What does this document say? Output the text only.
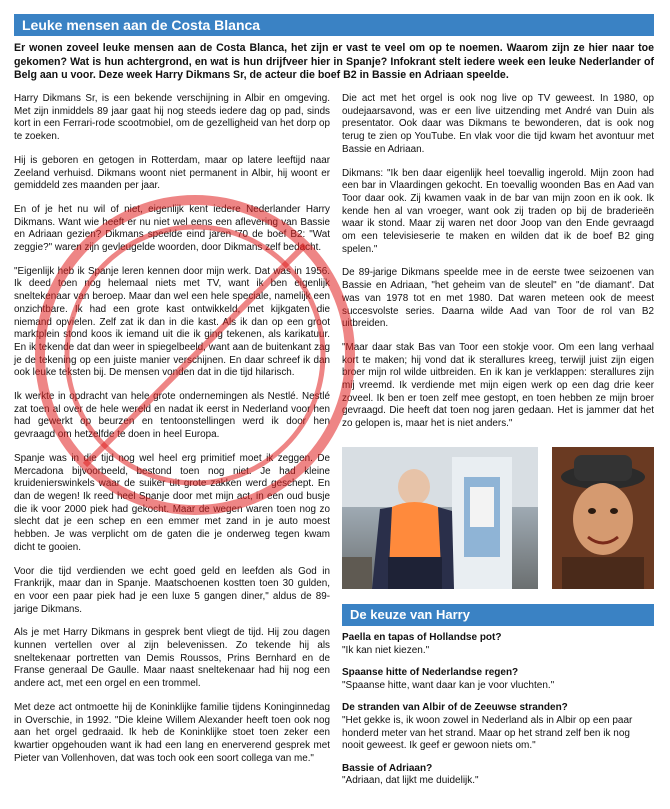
Leuke mensen aan de Costa Blanca
Er wonen zoveel leuke mensen aan de Costa Blanca, het zijn er vast te veel om op te noemen. Waarom zijn ze hier naar toe gekomen? Wat is hun achtergrond, en wat is hun drijfveer hier in Spanje? Infokrant stelt iedere week een leuke Nederlander of Belg aan u voor. Deze week Harry Dikmans Sr, de acteur die boef B2 in Bassie en Adriaan speelde.

Harry Dikmans Sr, is een bekende verschijning in Albir en omgeving. Met zijn inmiddels 89 jaar gaat hij nog steeds iedere dag op pad, sinds kort in een Ferrari-rode scootmobiel, om de gezelligheid van het dorp op te zoeken.

Hij is geboren en getogen in Rotterdam, maar op latere leeftijd naar Zeeland verhuisd. Dikmans woont niet permanent in Albir, hij woont er gemiddeld zes maanden per jaar.

En of je het nu wil of niet, eigenlijk kent iedere Nederlander Harry Dikmans. Want wie heeft er nu niet wel eens een aflevering van Bassie en Adriaan gezien? Dikmans speelde eind jaren '70 de boef B2: "Wat zeggie?" waren zijn gevleugelde woorden, door Dikmans zelf bedacht.

"Eigenlijk heb ik Spanje leren kennen door mijn werk. Dat was in 1956. Ik deed toen nog helemaal niets met TV, want ik ben eigenlijk sneltekenaar van beroep. Maar dan wel een hele speciale, namelijk een onzichtbare. Ik had een grote kast ontwikkeld, met kijkgaten die niemand opvielen. Zelf zat ik dan in die kast. Als ik dan op een groot marktplein stond koos ik iemand uit die ik ging tekenen, als karikatuur. En ik tekende dat dan weer in spiegelbeeld, want aan de buitenkant zag je de tekening op een juiste manier verschijnen. En daar schreef ik dan ook leuke teksten bij. De mensen vonden dat in die tijd hilarisch.

Ik werkte in opdracht van hele grote ondernemingen als Nestlé. Nestlé zat toen al over de hele wereld en nadat ik eerst in Nederland voor hen had gewerkt op beurzen en tentoonstellingen werd ik door hen gevraagd om hetzelfde te doen in heel Europa.

Spanje was in die tijd nog wel heel erg primitief moet ik zeggen. De Mercadona bijvoorbeeld, bestond toen nog niet. Je had kleine kruidenierswinkels waar de suiker uit grote zakken werd geschept. En dan de wegen! Ik reed heel Spanje door met mijn act, in een oud busje die ik voor 2000 piek had gekocht. Maar de wegen waren toen nog zo slecht dat je een schep en een emmer met zand in je auto moest hebben. Je was verplicht om de gaten die je onderweg tegen kwam dicht te gooien.

Voor die tijd verdienden we echt goed geld en leefden als God in Frankrijk, maar dan in Spanje. Maatschoenen kostten toen 30 gulden, en voor een paar piek had je een luxe 5 gangen diner," aldus de 89-jarige Dikmans.

Als je met Harry Dikmans in gesprek bent vliegt de tijd. Hij zou dagen kunnen vertellen over al zijn belevenissen. Zo tekende hij als sneltekenaar portretten van Demis Roussos, Prins Bernhard en de Franse generaal De Gaulle. Maar naast sneltekenaar had hij nog een andere act, met een orgel en een trommel.

Met deze act ontmoette hij de Koninklijke familie tijdens Koninginnedag in Overschie, in 1992. "Die kleine Willem Alexander heeft toen ook nog aan het orgel gedraaid. Ik heb de Koninklijke stoet toen zeker een kwartier opgehouden want ik had een lang en enerverend gesprek met Pieter van Vollenhoven, dat was toch ook een soort collega van me."

Die act met het orgel is ook nog live op TV geweest. In 1980, op oudejaarsavond, was er een live uitzending met André van Duin als presentator. Ook daar was Dikmans te bewonderen, dat is ook nog terug te zien op YouTube. En vlak voor die tijd kwam het avontuur met Bassie en Adriaan.

Dikmans: "Ik ben daar eigenlijk heel toevallig ingerold. Mijn zoon had een bar in Vlaardingen gekocht. En toevallig woonden Bas en Aad van Toor daar ook. Zij kwamen vaak in de bar van mijn zoon en ik ook. Ik kende hen al van vroeger, want ook zij traden op bij de braderieën waar ik stond. Maar zij waren net door Joop van den Ende gevraagd om een televisieserie te maken en wilden dat ik de boef B2 ging spelen."

De 89-jarige Dikmans speelde mee in de eerste twee seizoenen van Bassie en Adriaan, "het geheim van de sleutel" en "de diamant'. Dat was van 1978 tot en met 1980. Dat waren meteen ook de meest succesvolste series. Daarna wilde Aad van Toor de rol van B2 uitbreiden.

"Maar daar stak Bas van Toor een stokje voor. Om een lang verhaal kort te maken; hij vond dat ik sterallures kreeg, terwijl juist zijn eigen broer mijn rol wilde uitbreiden. En ik kan je verklappen: sterallures zijn mij vreemd. Ik verdiende met mijn eigen werk op een dag drie keer zoveel. Ik ben er toen zelf mee gestopt, en toen hebben ze mijn broer gevraagd. Die heeft dat toen nog jaren gedaan. Het is jammer dat het zo gelopen is, maar het is niet anders."

De keuze van Harry
Paella en tapas of Hollandse pot?
"Ik kan niet kiezen."
Spaanse hitte of Nederlandse regen?
"Spaanse hitte, want daar kan je voor vluchten."
De stranden van Albir of de Zeeuwse stranden?
"Het gekke is, ik woon zowel in Nederland als in Albir op een paar honderd meter van het strand. Maar op het strand zelf ben ik nog nooit geweest. Ik geef er gewoon niets om."
Bassie of Adriaan?
"Adriaan, dat lijkt me duidelijk."
